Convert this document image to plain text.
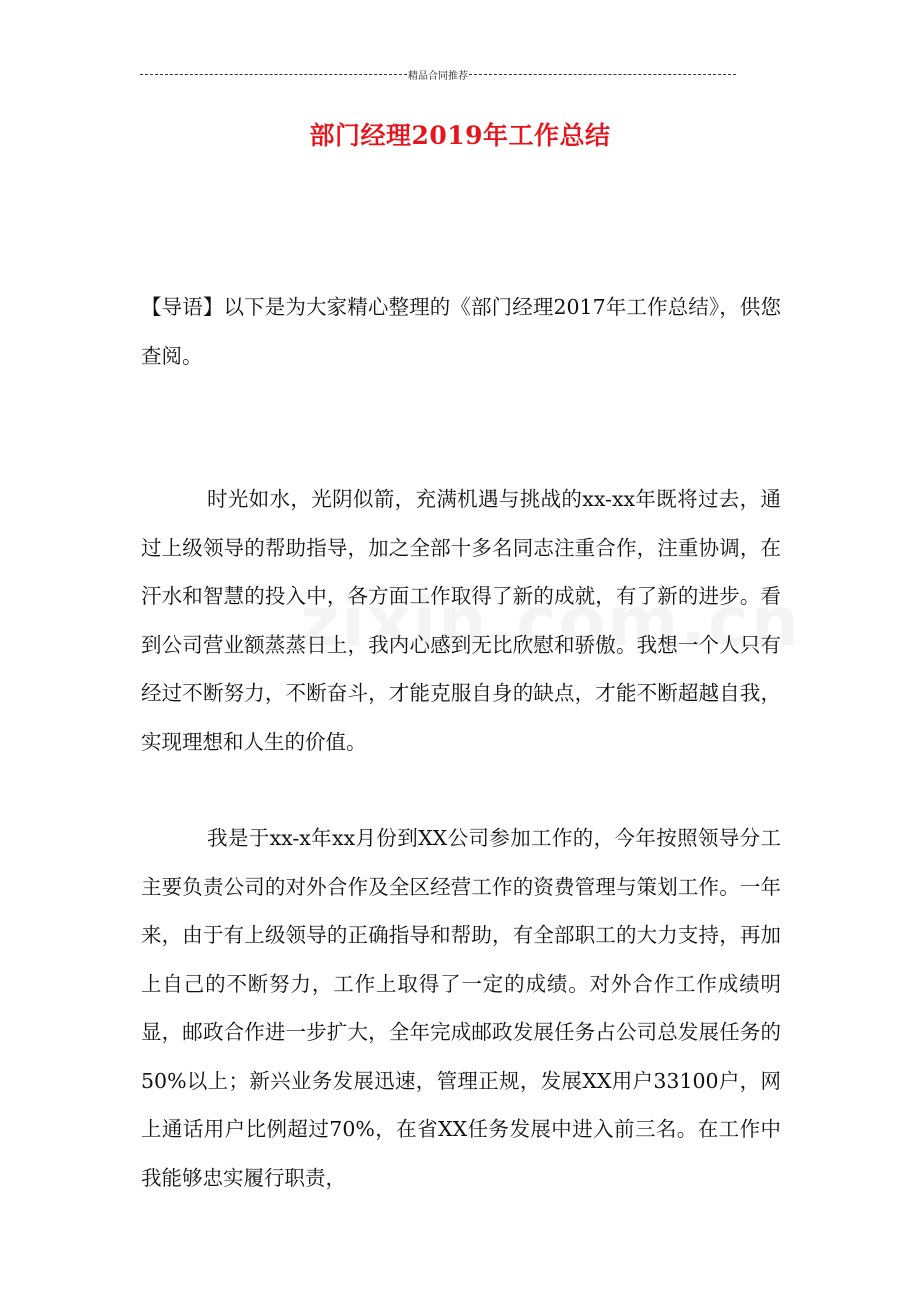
精品合同推荐
部门经理2019年工作总结

【导语】以下是为大家精心整理的《部门经理2017年工作总结》，供您查阅。

时光如水，光阴似箭，充满机遇与挑战的xx-xx年既将过去，通过上级领导的帮助指导，加之全部十多名同志注重合作，注重协调，在汗水和智慧的投入中，各方面工作取得了新的成就，有了新的进步。看到公司营业额蒸蒸日上，我内心感到无比欣慰和骄傲。我想一个人只有经过不断努力，不断奋斗，才能克服自身的缺点，才能不断超越自我，实现理想和人生的价值。

我是于xx-x年xx月份到XX公司参加工作的，今年按照领导分工主要负责公司的对外合作及全区经营工作的资费管理与策划工作。一年来，由于有上级领导的正确指导和帮助，有全部职工的大力支持，再加上自己的不断努力，工作上取得了一定的成绩。对外合作工作成绩明显，邮政合作进一步扩大，全年完成邮政发展任务占公司总发展任务的50%以上；新兴业务发展迅速，管理正规，发展XX用户33100户，网上通话用户比例超过70%，在省XX任务发展中进入前三名。在工作中我能够忠实履行职责，
